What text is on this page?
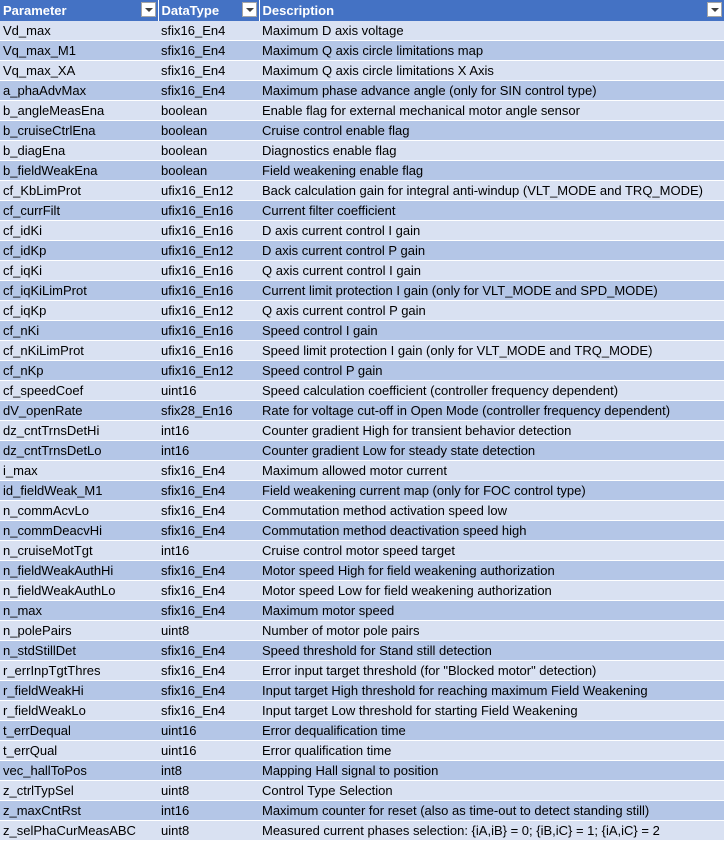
Parameter	DataType	Description

Vd_max	sfix16_En4	Maximum D axis voltage
Vq_max_M1	sfix16_En4	Maximum Q axis circle limitations map
Vq_max_XA	sfix16_En4	Maximum Q axis circle limitations X Axis
a_phaAdvMax	sfix16_En4	Maximum phase advance angle (only for SIN control type)
b_angleMeasEna	boolean	Enable flag for external mechanical motor angle sensor
b_cruiseCtrlEna	boolean	Cruise control enable flag
b_diagEna	boolean	Diagnostics enable flag
b_fieldWeakEna	boolean	Field weakening enable flag
cf_KbLimProt	ufix16_En12	Back calculation gain for integral anti-windup (VLT_MODE and TRQ_MODE)
cf_currFilt	ufix16_En16	Current filter coefficient
cf_idKi	ufix16_En16	D axis current control I gain
cf_idKp	ufix16_En12	D axis current control P gain
cf_iqKi	ufix16_En16	Q axis current control I gain
cf_iqKiLimProt	ufix16_En16	Current limit protection I gain (only for VLT_MODE and SPD_MODE)
cf_iqKp	ufix16_En12	Q axis current control P gain
cf_nKi	ufix16_En16	Speed control I gain
cf_nKiLimProt	ufix16_En16	Speed limit protection I gain (only for VLT_MODE and TRQ_MODE)
cf_nKp	ufix16_En12	Speed control P gain
cf_speedCoef	uint16	Speed calculation coefficient (controller frequency dependent)
dV_openRate	sfix28_En16	Rate for voltage cut-off in Open Mode (controller frequency dependent)
dz_cntTrnsDetHi	int16	Counter gradient High for transient behavior detection
dz_cntTrnsDetLo	int16	Counter gradient Low for steady state detection
i_max	sfix16_En4	Maximum allowed motor current
id_fieldWeak_M1	sfix16_En4	Field weakening current map (only for FOC control type)
n_commAcvLo	sfix16_En4	Commutation method activation speed low
n_commDeacvHi	sfix16_En4	Commutation method deactivation speed high
n_cruiseMotTgt	int16	Cruise control motor speed target
n_fieldWeakAuthHi	sfix16_En4	Motor speed High for field weakening authorization
n_fieldWeakAuthLo	sfix16_En4	Motor speed Low for field weakening authorization
n_max	sfix16_En4	Maximum motor speed
n_polePairs	uint8	Number of motor pole pairs
n_stdStillDet	sfix16_En4	Speed threshold for Stand still detection
r_errInpTgtThres	sfix16_En4	Error input target threshold (for "Blocked motor" detection)
r_fieldWeakHi	sfix16_En4	Input target High threshold for reaching maximum Field Weakening
r_fieldWeakLo	sfix16_En4	Input target Low threshold for starting Field Weakening
t_errDequal	uint16	Error dequalification time
t_errQual	uint16	Error qualification time
vec_hallToPos	int8	Mapping Hall signal to position
z_ctrlTypSel	uint8	Control Type Selection
z_maxCntRst	int16	Maximum counter for reset (also as time-out to detect standing still)
z_selPhaCurMeasABC	uint8	Measured current phases selection: {iA,iB} = 0; {iB,iC} = 1; {iA,iC} = 2
